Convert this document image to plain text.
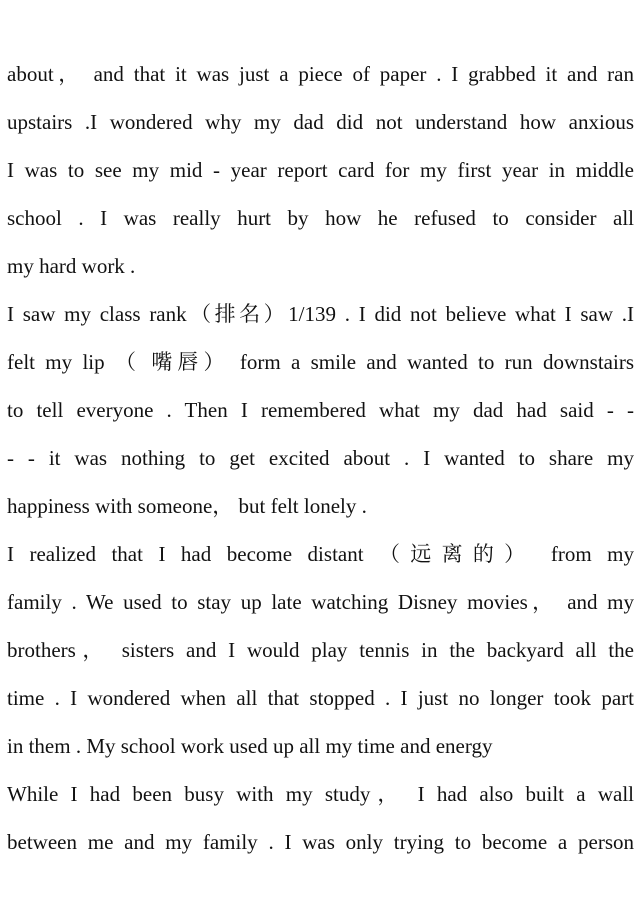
about， and that it was just a piece of paper . I grabbed it and ran
upstairs .I wondered why my dad did not understand how anxious
I was to see my mid - year report card for my first year in middle
school . I was really hurt by how he refused to consider all
my hard work .
I saw my class rank（排名）1/139 . I did not believe what I saw .I
felt my lip （ 嘴唇） form a smile and wanted to run downstairs
to tell everyone . Then I remembered what my dad had said - -
- - it was nothing to get excited about . I wanted to share my
happiness with someone， but felt lonely .
I realized that I had become distant （远离的） from my
family . We used to stay up late watching Disney movies， and my
brothers， sisters and I would play tennis in the backyard all the
time . I wondered when all that stopped . I just no longer took part
in them . My school work used up all my time and energy
While I had been busy with my study， I had also built a wall
between me and my family . I was only trying to become a person
